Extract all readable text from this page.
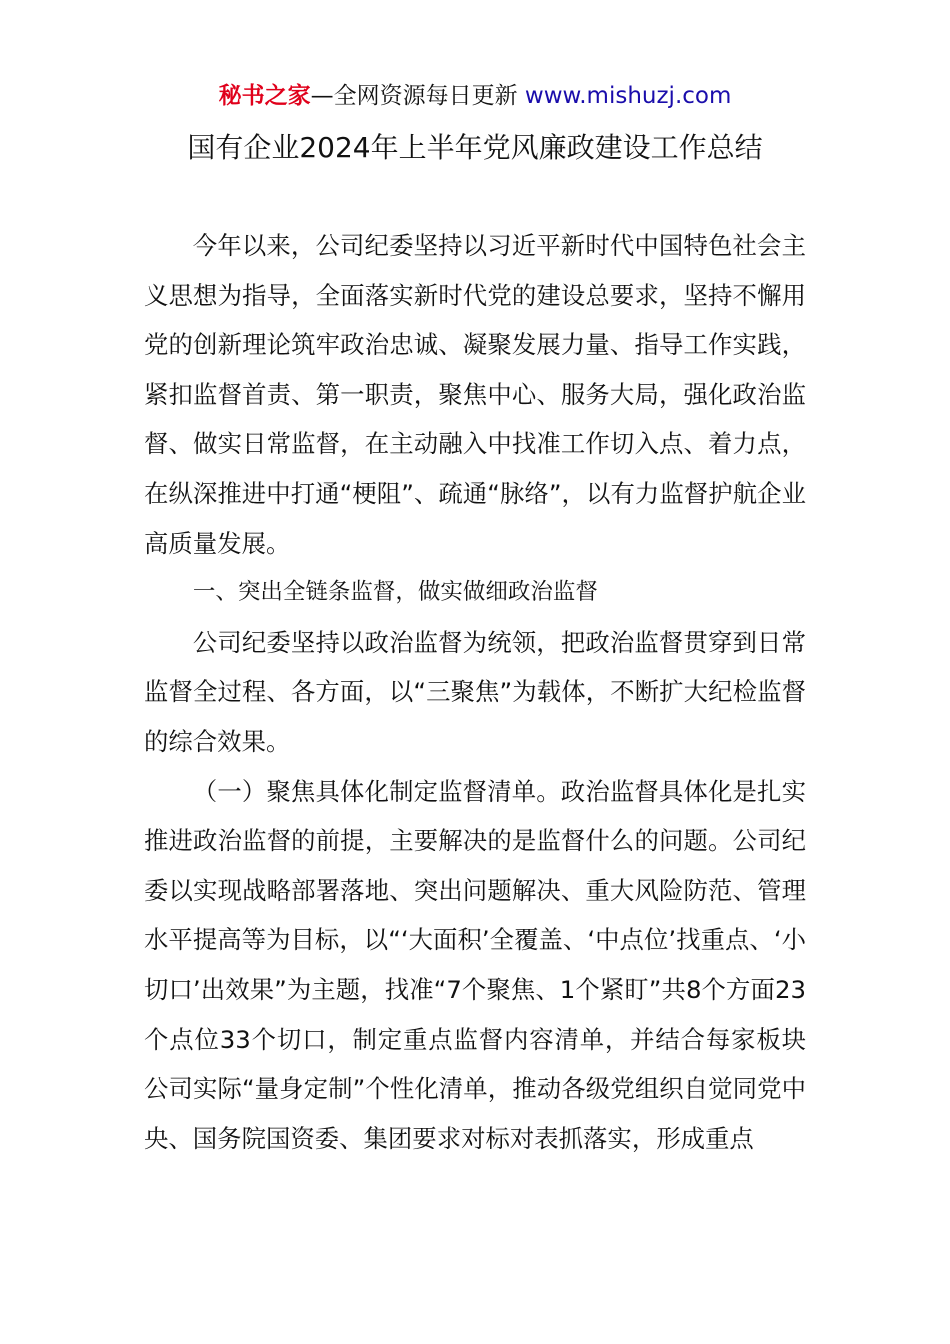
秘书之家—全网资源每日更新 www.mishuzj.com
国有企业2024年上半年党风廉政建设工作总结

今年以来，公司纪委坚持以习近平新时代中国特色社会主义思想为指导，全面落实新时代党的建设总要求，坚持不懈用党的创新理论筑牢政治忠诚、凝聚发展力量、指导工作实践，紧扣监督首责、第一职责，聚焦中心、服务大局，强化政治监督、做实日常监督，在主动融入中找准工作切入点、着力点，在纵深推进中打通“梗阻”、疏通“脉络”，以有力监督护航企业高质量发展。

一、突出全链条监督，做实做细政治监督

公司纪委坚持以政治监督为统领，把政治监督贯穿到日常监督全过程、各方面，以“三聚焦”为载体，不断扩大纪检监督的综合效果。

（一）聚焦具体化制定监督清单。政治监督具体化是扎实推进政治监督的前提，主要解决的是监督什么的问题。公司纪委以实现战略部署落地、突出问题解决、重大风险防范、管理水平提高等为目标，以“‘大面积’全覆盖、‘中点位’找重点、‘小切口’出效果”为主题，找准“7个聚焦、1个紧盯”共8个方面23个点位33个切口，制定重点监督内容清单，并结合每家板块公司实际“量身定制”个性化清单，推动各级党组织自觉同党中央、国务院国资委、集团要求对标对表抓落实，形成重点
